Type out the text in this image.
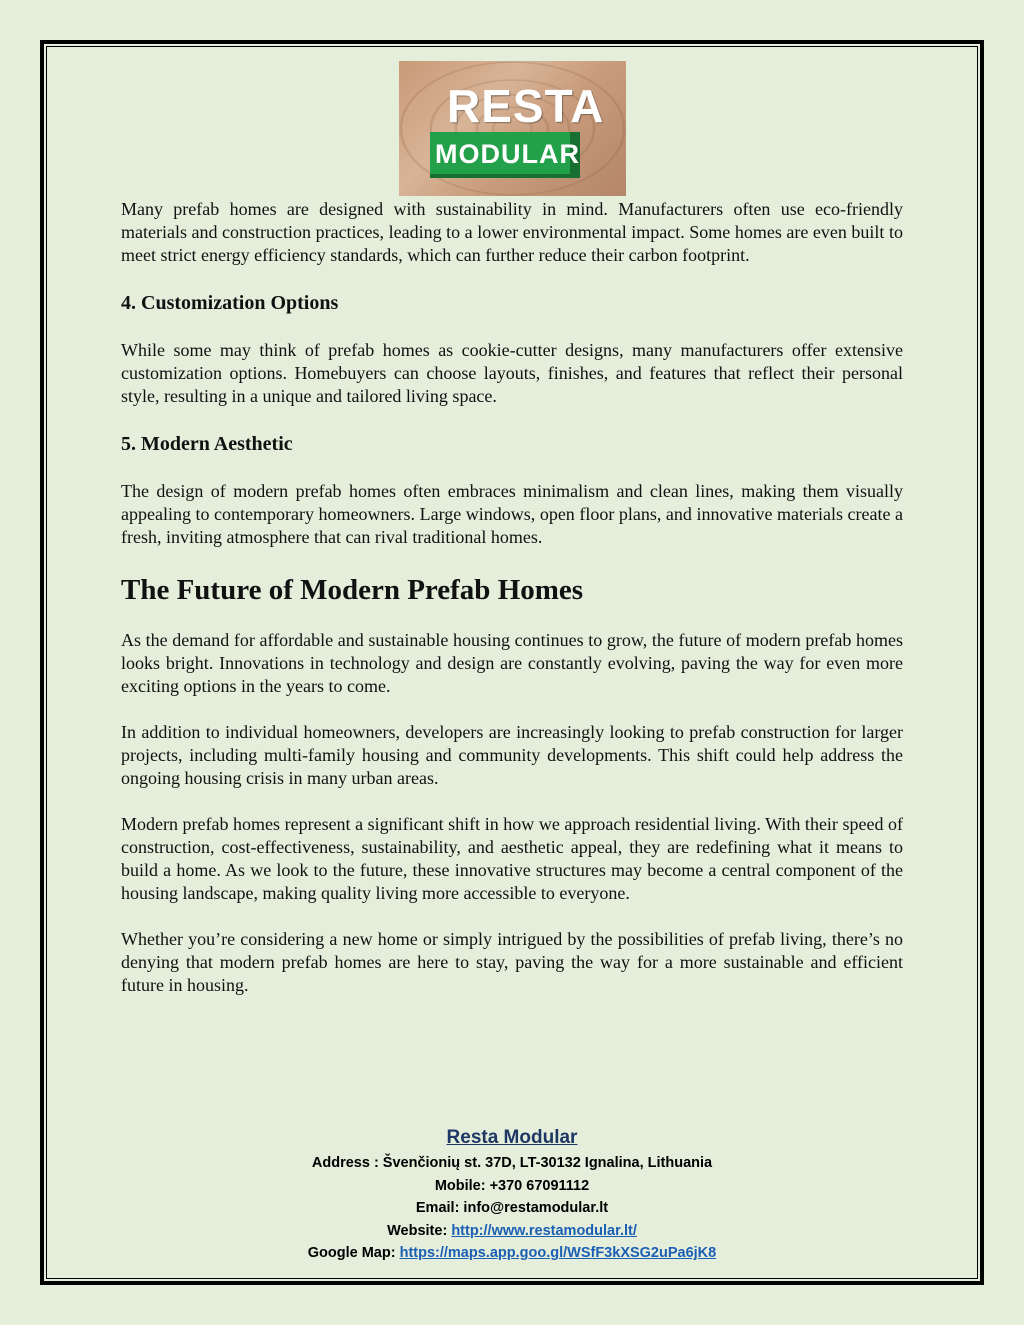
RESTA
MODULAR

Many prefab homes are designed with sustainability in mind. Manufacturers often use eco-friendly materials and construction practices, leading to a lower environmental impact. Some homes are even built to meet strict energy efficiency standards, which can further reduce their carbon footprint.

4. Customization Options

While some may think of prefab homes as cookie-cutter designs, many manufacturers offer extensive customization options. Homebuyers can choose layouts, finishes, and features that reflect their personal style, resulting in a unique and tailored living space.

5. Modern Aesthetic

The design of modern prefab homes often embraces minimalism and clean lines, making them visually appealing to contemporary homeowners. Large windows, open floor plans, and innovative materials create a fresh, inviting atmosphere that can rival traditional homes.

The Future of Modern Prefab Homes

As the demand for affordable and sustainable housing continues to grow, the future of modern prefab homes looks bright. Innovations in technology and design are constantly evolving, paving the way for even more exciting options in the years to come.

In addition to individual homeowners, developers are increasingly looking to prefab construction for larger projects, including multi-family housing and community developments. This shift could help address the ongoing housing crisis in many urban areas.

Modern prefab homes represent a significant shift in how we approach residential living. With their speed of construction, cost-effectiveness, sustainability, and aesthetic appeal, they are redefining what it means to build a home. As we look to the future, these innovative structures may become a central component of the housing landscape, making quality living more accessible to everyone.

Whether you’re considering a new home or simply intrigued by the possibilities of prefab living, there’s no denying that modern prefab homes are here to stay, paving the way for a more sustainable and efficient future in housing.

Resta Modular
Address : Švenčionių st. 37D, LT-30132 Ignalina, Lithuania
Mobile: +370 67091112
Email: info@restamodular.lt
Website: http://www.restamodular.lt/
Google Map: https://maps.app.goo.gl/WSfF3kXSG2uPa6jK8
